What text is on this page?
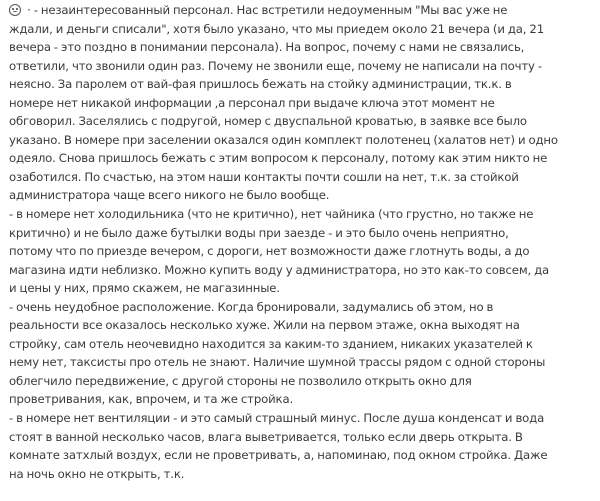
· - незаинтересованный персонал. Нас встретили недоуменным "Мы вас уже не
ждали, и деньги списали", хотя было указано, что мы приедем около 21 вечера (и да, 21
вечера - это поздно в понимании персонала). На вопрос, почему с нами не связались,
ответили, что звонили один раз. Почему не звонили еще, почему не написали на почту -
неясно. За паролем от вай-фая пришлось бежать на стойку администрации, тк.к. в
номере нет никакой информации ,а персонал при выдаче ключа этот момент не
обговорил. Заселялись с подругой, номер с двуспальной кроватью, в заявке все было
указано. В номере при заселении оказался один комплект полотенец (халатов нет) и одно
одеяло. Снова пришлось бежать с этим вопросом к персоналу, потому как этим никто не
озаботился. По счастью, на этом наши контакты почти сошли на нет, т.к. за стойкой
администратора чаще всего никого не было вообще.
- в номере нет холодильника (что не критично), нет чайника (что грустно, но также не
критично) и не было даже бутылки воды при заезде - и это было очень неприятно,
потому что по приезде вечером, с дороги, нет возможности даже глотнуть воды, а до
магазина идти неблизко. Можно купить воду у администратора, но это как-то совсем, да
и цены у них, прямо скажем, не магазинные.
- очень неудобное расположение. Когда бронировали, задумались об этом, но в
реальности все оказалось несколько хуже. Жили на первом этаже, окна выходят на
стройку, сам отель неочевидно находится за каким-то зданием, никаких указателей к
нему нет, таксисты про отель не знают. Наличие шумной трассы рядом с одной стороны
облегчило передвижение, с другой стороны не позволило открыть окно для
проветривания, как, впрочем, и та же стройка.
- в номере нет вентиляции - и это самый страшный минус. После душа конденсат и вода
стоят в ванной несколько часов, влага выветривается, только если дверь открыта. В
комнате затхлый воздух, если не проветривать, а, напоминаю, под окном стройка. Даже
на ночь окно не открыть, т.к.
